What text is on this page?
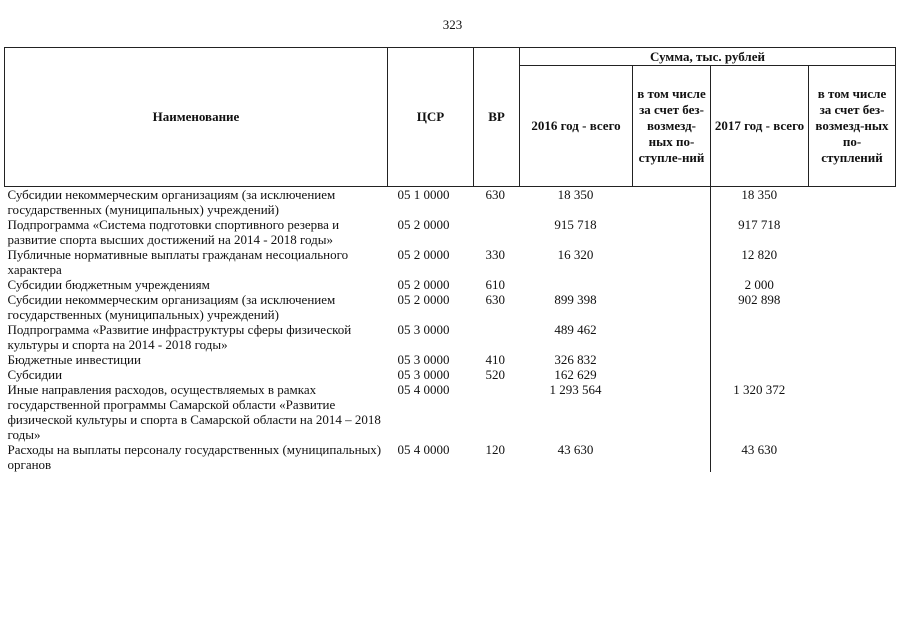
323
Наименование	ЦСР	ВР	Сумма, тыс. рублей			
			2016 год - всего	в том числе за счет без-возмезд-ных по-ступле-ний	2017 год - всего	в том числе за счет без-возмезд-ных по-ступлений
Субсидии некоммерческим организациям (за исключением государственных (муниципальных) учреждений)	05 1 0000	630	18 350		18 350	
Подпрограмма «Система подготовки спортивного резерва и развитие спорта высших достижений на 2014 - 2018 годы»	05 2 0000		915 718		917 718	
Публичные нормативные выплаты гражданам несоциального характера	05 2 0000	330	16 320		12 820	
Субсидии бюджетным учреждениям	05 2 0000	610			2 000	
Субсидии некоммерческим организациям (за исключением государственных (муниципальных) учреждений)	05 2 0000	630	899 398		902 898	
Подпрограмма «Развитие инфраструктуры сферы физической культуры и спорта на 2014 - 2018 годы»	05 3 0000		489 462			
Бюджетные инвестиции	05 3 0000	410	326 832			
Субсидии	05 3 0000	520	162 629			
Иные направления расходов, осуществляемых в рамках государственной программы Самарской области «Развитие физической культуры и спорта в Самарской области на 2014 – 2018 годы»	05 4 0000		1 293 564		1 320 372	
Расходы на выплаты персоналу государственных (муниципальных) органов	05 4 0000	120	43 630		43 630	
